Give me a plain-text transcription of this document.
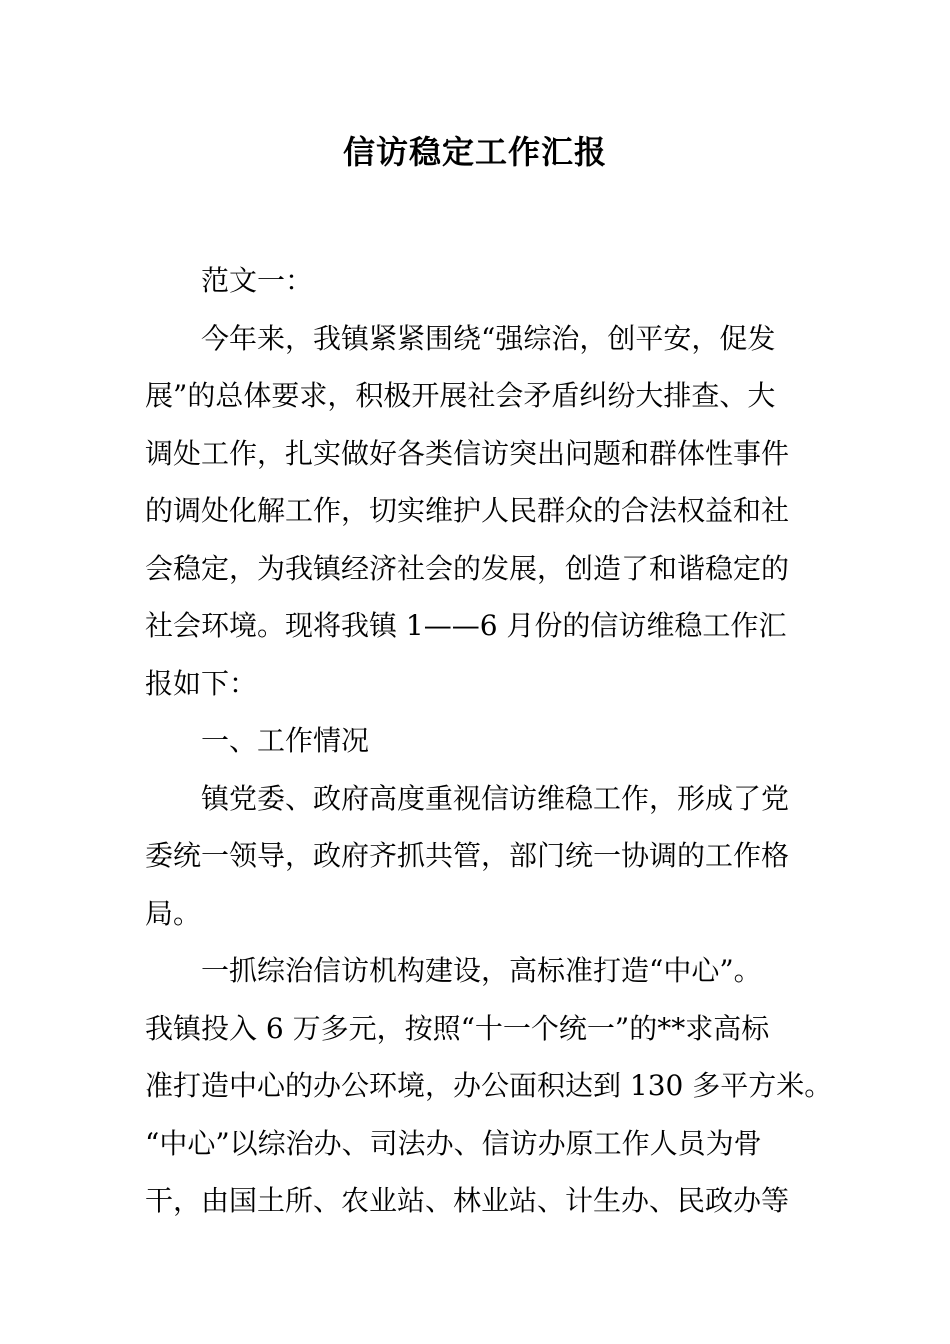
信访稳定工作汇报
范文一：
今年来，我镇紧紧围绕“强综治，创平安，促发
展”的总体要求，积极开展社会矛盾纠纷大排查、大
调处工作，扎实做好各类信访突出问题和群体性事件
的调处化解工作，切实维护人民群众的合法权益和社
会稳定，为我镇经济社会的发展，创造了和谐稳定的
社会环境。现将我镇 1——6 月份的信访维稳工作汇
报如下：
一、工作情况
镇党委、政府高度重视信访维稳工作，形成了党
委统一领导，政府齐抓共管，部门统一协调的工作格
局。
一抓综治信访机构建设，高标准打造“中心”。
我镇投入 6 万多元，按照“十一个统一”的**求高标
准打造中心的办公环境，办公面积达到 130 多平方米。
“中心”以综治办、司法办、信访办原工作人员为骨
干，由国土所、农业站、林业站、计生办、民政办等
